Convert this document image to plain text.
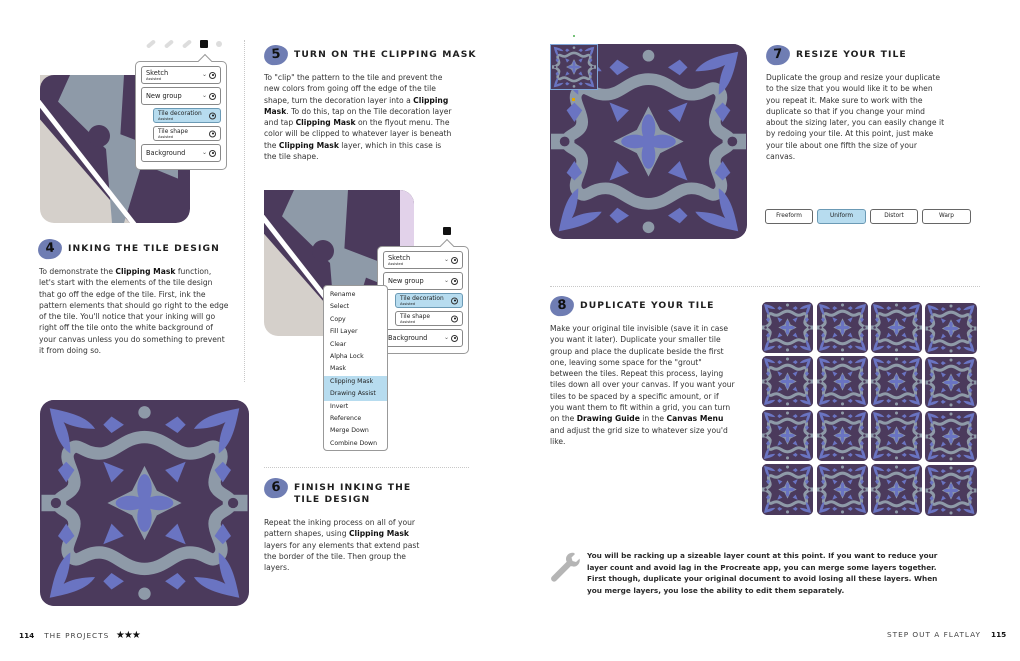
Sketch
Assisted
⌄
New group	⌄
Tile decoration
Assisted
Tile shape
Assisted
Background	⌄
4	INKING THE TILE DESIGN
To demonstrate the Clipping Mask function, let's start with the elements of the tile design that go off the edge of the tile. First, ink the pattern elements that should go right to the edge of the tile. You'll notice that your inking will go right off the tile onto the white background of your canvas unless you do something to prevent it from doing so.
5	TURN ON THE CLIPPING MASK
To "clip" the pattern to the tile and prevent the new colors from going off the edge of the tile shape, turn the decoration layer into a Clipping Mask. To do this, tap on the Tile decoration layer and tap Clipping Mask on the flyout menu. The color will be clipped to whatever layer is beneath the Clipping Mask layer, which in this case is the tile shape.
Sketch
Assisted
⌄
New group	⌄
Tile decoration
Assisted
Tile shape
Assisted
Background	⌄
Rename
Select
Copy
Fill Layer
Clear
Alpha Lock
Mask
Clipping Mask
Drawing Assist
Invert
Reference
Merge Down
Combine Down
6	FINISH INKING THE
TILE DESIGN
Repeat the inking process on all of your pattern shapes, using Clipping Mask layers for any elements that extend past the border of the tile. Then group the layers.
114 THE PROJECTS ★★★
7	RESIZE YOUR TILE
Duplicate the group and resize your duplicate to the size that you would like it to be when you repeat it. Make sure to work with the duplicate so that if you change your mind about the sizing later, you can easily change it by redoing your tile. At this point, just make your tile about one fifth the size of your canvas.
Freeform	Uniform	Distort	Warp
8	DUPLICATE YOUR TILE
Make your original tile invisible (save it in case you want it later). Duplicate your smaller tile group and place the duplicate beside the first one, leaving some space for the "grout" between the tiles. Repeat this process, laying tiles down all over your canvas. If you want your tiles to be spaced by a specific amount, or if you want them to fit within a grid, you can turn on the Drawing Guide in the Canvas Menu and adjust the grid size to whatever size you'd like.
You will be racking up a sizeable layer count at this point. If you want to reduce your layer count and avoid lag in the Procreate app, you can merge some layers together. First though, duplicate your original document to avoid losing all these layers. When you merge layers, you lose the ability to edit them separately.
STEP OUT A FLATLAY 115
